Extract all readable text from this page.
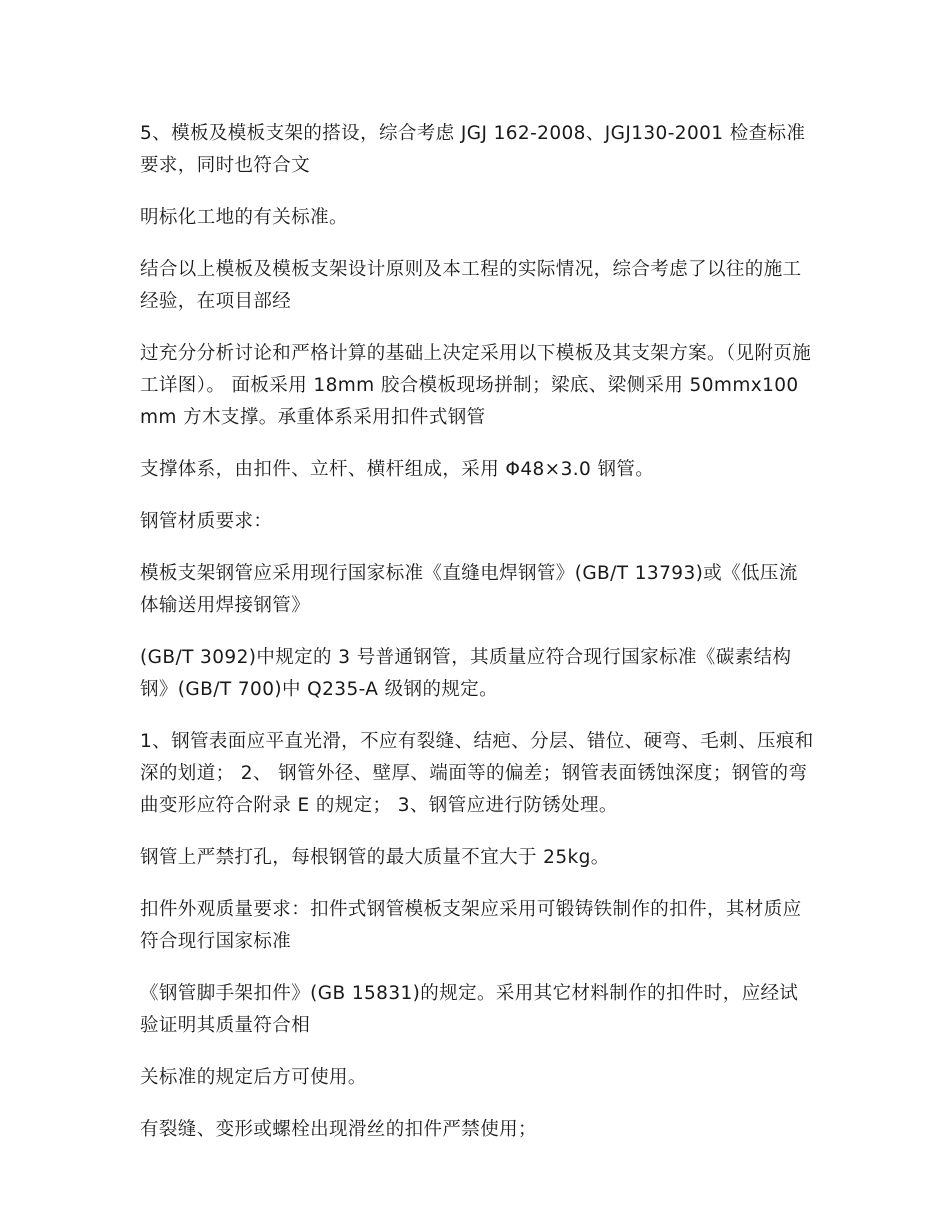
5、模板及模板支架的搭设，综合考虑 JGJ 162-2008、JGJ130-2001 检查标准要求，同时也符合文

明标化工地的有关标准。

结合以上模板及模板支架设计原则及本工程的实际情况，综合考虑了以往的施工经验，在项目部经

过充分分析讨论和严格计算的基础上决定采用以下模板及其支架方案。（见附页施工详图）。 面板采用 18mm 胶合模板现场拼制；梁底、梁侧采用 50mmx100mm 方木支撑。承重体系采用扣件式钢管

支撑体系，由扣件、立杆、横杆组成，采用 Φ48×3.0 钢管。

钢管材质要求：

模板支架钢管应采用现行国家标准《直缝电焊钢管》(GB/T 13793)或《低压流体输送用焊接钢管》

(GB/T 3092)中规定的 3 号普通钢管，其质量应符合现行国家标准《碳素结构钢》(GB/T 700)中 Q235-A 级钢的规定。

1、钢管表面应平直光滑，不应有裂缝、结疤、分层、错位、硬弯、毛刺、压痕和深的划道； 2、 钢管外径、壁厚、端面等的偏差；钢管表面锈蚀深度；钢管的弯曲变形应符合附录 E 的规定； 3、钢管应进行防锈处理。

钢管上严禁打孔，每根钢管的最大质量不宜大于 25kg。

扣件外观质量要求：扣件式钢管模板支架应采用可锻铸铁制作的扣件，其材质应符合现行国家标准

《钢管脚手架扣件》(GB 15831)的规定。采用其它材料制作的扣件时，应经试验证明其质量符合相

关标准的规定后方可使用。

有裂缝、变形或螺栓出现滑丝的扣件严禁使用；
